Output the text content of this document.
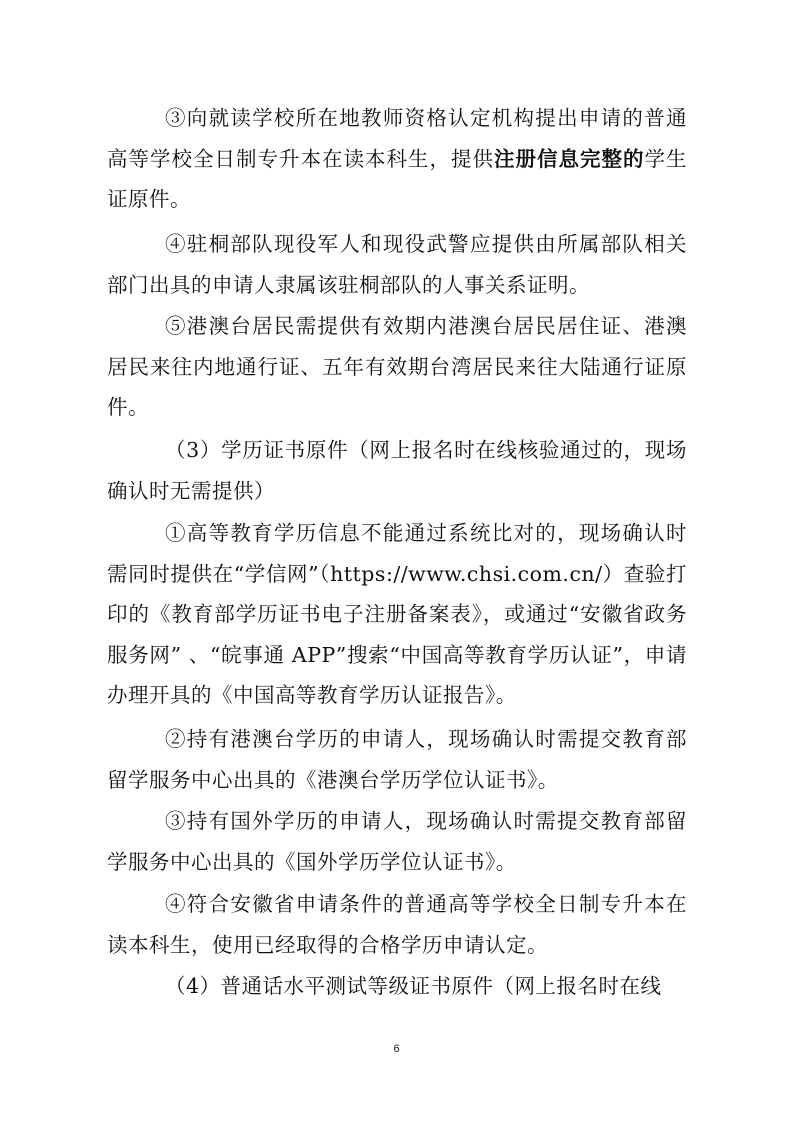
③向就读学校所在地教师资格认定机构提出申请的普通高等学校全日制专升本在读本科生，提供注册信息完整的学生证原件。

④驻桐部队现役军人和现役武警应提供由所属部队相关部门出具的申请人隶属该驻桐部队的人事关系证明。

⑤港澳台居民需提供有效期内港澳台居民居住证、港澳居民来往内地通行证、五年有效期台湾居民来往大陆通行证原件。

（3）学历证书原件（网上报名时在线核验通过的，现场确认时无需提供）

①高等教育学历信息不能通过系统比对的，现场确认时需同时提供在“学信网”（https://www.chsi.com.cn/）查验打印的《教育部学历证书电子注册备案表》，或通过“安徽省政务服务网” 、“皖事通 APP”搜索“中国高等教育学历认证”，申请办理开具的《中国高等教育学历认证报告》。

②持有港澳台学历的申请人，现场确认时需提交教育部留学服务中心出具的《港澳台学历学位认证书》。

③持有国外学历的申请人，现场确认时需提交教育部留学服务中心出具的《国外学历学位认证书》。

④符合安徽省申请条件的普通高等学校全日制专升本在读本科生，使用已经取得的合格学历申请认定。

（4）普通话水平测试等级证书原件（网上报名时在线

6
